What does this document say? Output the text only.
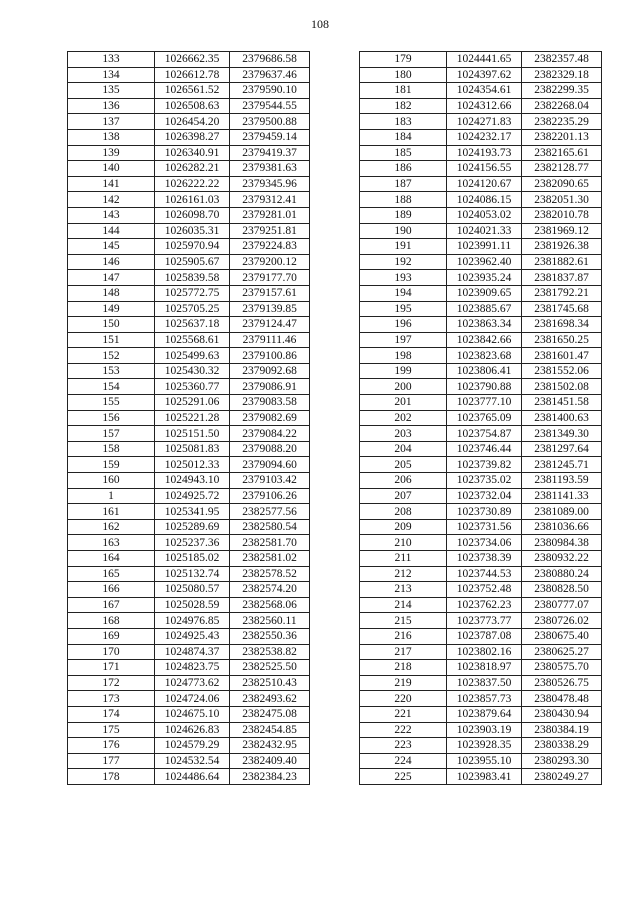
108
133	1026662.35	2379686.58
134	1026612.78	2379637.46
135	1026561.52	2379590.10
136	1026508.63	2379544.55
137	1026454.20	2379500.88
138	1026398.27	2379459.14
139	1026340.91	2379419.37
140	1026282.21	2379381.63
141	1026222.22	2379345.96
142	1026161.03	2379312.41
143	1026098.70	2379281.01
144	1026035.31	2379251.81
145	1025970.94	2379224.83
146	1025905.67	2379200.12
147	1025839.58	2379177.70
148	1025772.75	2379157.61
149	1025705.25	2379139.85
150	1025637.18	2379124.47
151	1025568.61	2379111.46
152	1025499.63	2379100.86
153	1025430.32	2379092.68
154	1025360.77	2379086.91
155	1025291.06	2379083.58
156	1025221.28	2379082.69
157	1025151.50	2379084.22
158	1025081.83	2379088.20
159	1025012.33	2379094.60
160	1024943.10	2379103.42
1	1024925.72	2379106.26
161	1025341.95	2382577.56
162	1025289.69	2382580.54
163	1025237.36	2382581.70
164	1025185.02	2382581.02
165	1025132.74	2382578.52
166	1025080.57	2382574.20
167	1025028.59	2382568.06
168	1024976.85	2382560.11
169	1024925.43	2382550.36
170	1024874.37	2382538.82
171	1024823.75	2382525.50
172	1024773.62	2382510.43
173	1024724.06	2382493.62
174	1024675.10	2382475.08
175	1024626.83	2382454.85
176	1024579.29	2382432.95
177	1024532.54	2382409.40
178	1024486.64	2382384.23
179	1024441.65	2382357.48
180	1024397.62	2382329.18
181	1024354.61	2382299.35
182	1024312.66	2382268.04
183	1024271.83	2382235.29
184	1024232.17	2382201.13
185	1024193.73	2382165.61
186	1024156.55	2382128.77
187	1024120.67	2382090.65
188	1024086.15	2382051.30
189	1024053.02	2382010.78
190	1024021.33	2381969.12
191	1023991.11	2381926.38
192	1023962.40	2381882.61
193	1023935.24	2381837.87
194	1023909.65	2381792.21
195	1023885.67	2381745.68
196	1023863.34	2381698.34
197	1023842.66	2381650.25
198	1023823.68	2381601.47
199	1023806.41	2381552.06
200	1023790.88	2381502.08
201	1023777.10	2381451.58
202	1023765.09	2381400.63
203	1023754.87	2381349.30
204	1023746.44	2381297.64
205	1023739.82	2381245.71
206	1023735.02	2381193.59
207	1023732.04	2381141.33
208	1023730.89	2381089.00
209	1023731.56	2381036.66
210	1023734.06	2380984.38
211	1023738.39	2380932.22
212	1023744.53	2380880.24
213	1023752.48	2380828.50
214	1023762.23	2380777.07
215	1023773.77	2380726.02
216	1023787.08	2380675.40
217	1023802.16	2380625.27
218	1023818.97	2380575.70
219	1023837.50	2380526.75
220	1023857.73	2380478.48
221	1023879.64	2380430.94
222	1023903.19	2380384.19
223	1023928.35	2380338.29
224	1023955.10	2380293.30
225	1023983.41	2380249.27
